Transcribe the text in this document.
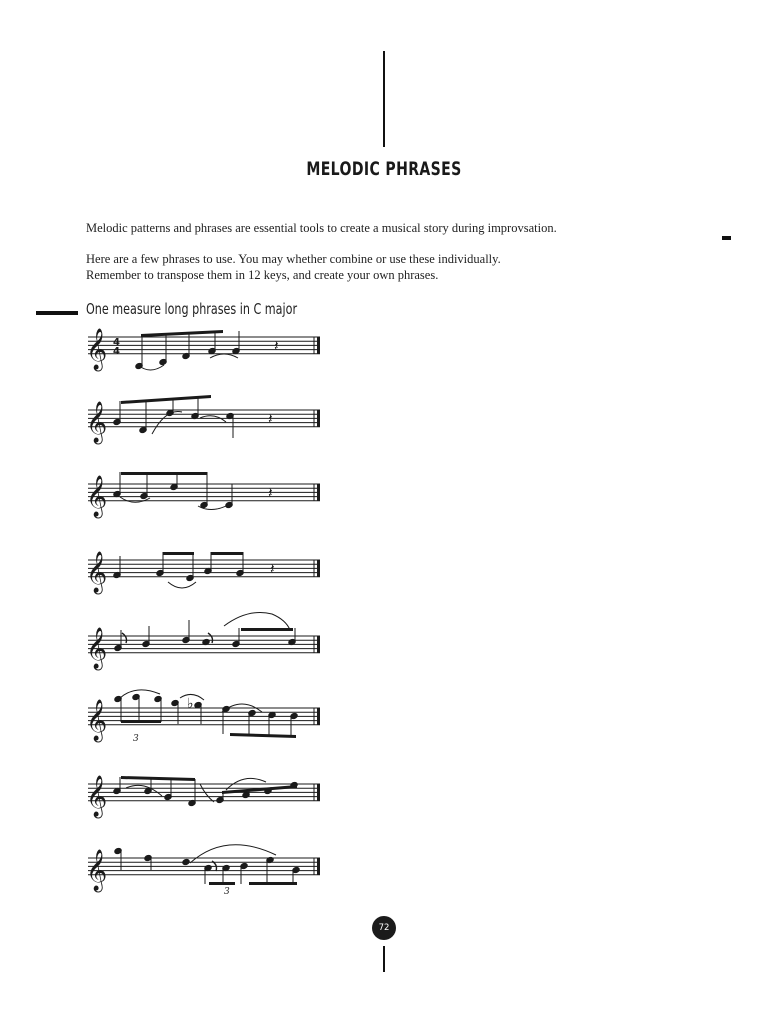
MELODIC PHRASES
Melodic patterns and phrases are essential tools to create a musical story during improvsation.
Here are a few phrases to use. You may whether combine or use these individually.
Remember to transpose them in 12 keys, and create your own phrases.
One measure long phrases in C major
𝄞
𝄞
𝄞
𝄞
𝄞
𝄞
𝄞
𝄞
4
4	𝄽
𝄽
𝄽
𝄽
♭
3
3
72
